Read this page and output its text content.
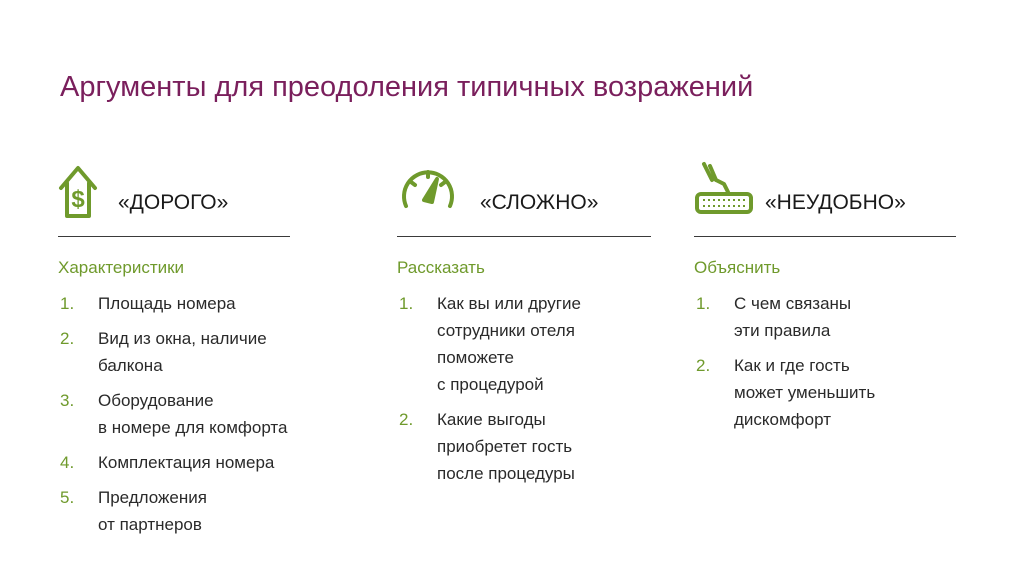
Аргументы для преодоления типичных возражений
$ «ДОРОГО»
Характеристики
1. Площадь номера
2. Вид из окна, наличие
балкона
3. Оборудование
в номере для комфорта
4. Комплектация номера
5. Предложения
от партнеров
«СЛОЖНО»
Рассказать
1. Как вы или другие
сотрудники отеля
поможете
с процедурой
2. Какие выгоды
приобретет гость
после процедуры
«НЕУДОБНО»
Объяснить
1. С чем связаны
эти правила
2. Как и где гость
может уменьшить
дискомфорт
